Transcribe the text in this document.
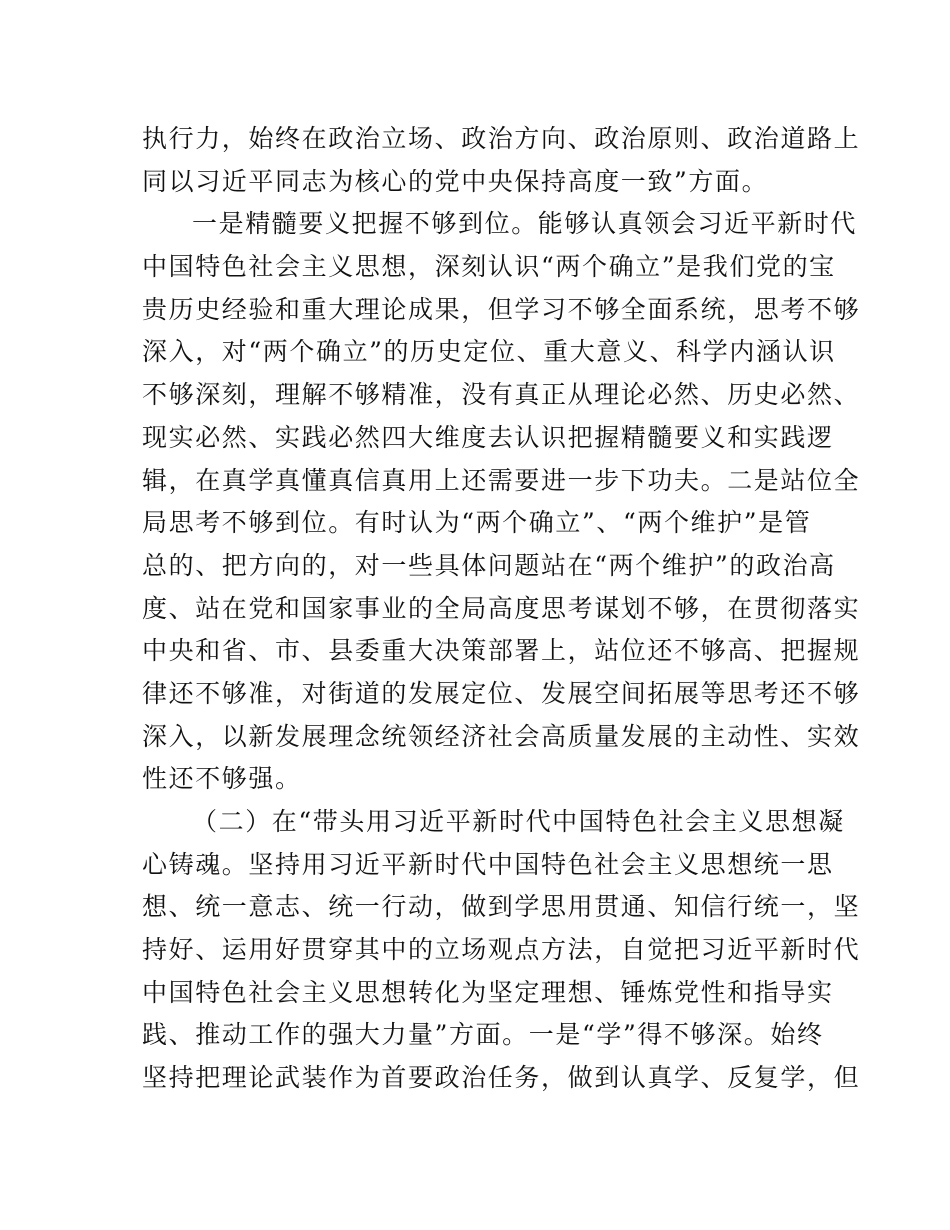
执行力，始终在政治立场、政治方向、政治原则、政治道路上
同以习近平同志为核心的党中央保持高度一致”方面。
一是精髓要义把握不够到位。能够认真领会习近平新时代
中国特色社会主义思想，深刻认识“两个确立”是我们党的宝
贵历史经验和重大理论成果，但学习不够全面系统，思考不够
深入，对“两个确立”的历史定位、重大意义、科学内涵认识
不够深刻，理解不够精准，没有真正从理论必然、历史必然、
现实必然、实践必然四大维度去认识把握精髓要义和实践逻
辑，在真学真懂真信真用上还需要进一步下功夫。二是站位全
局思考不够到位。有时认为“两个确立”、“两个维护”是管
总的、把方向的，对一些具体问题站在“两个维护”的政治高
度、站在党和国家事业的全局高度思考谋划不够，在贯彻落实
中央和省、市、县委重大决策部署上，站位还不够高、把握规
律还不够准，对街道的发展定位、发展空间拓展等思考还不够
深入，以新发展理念统领经济社会高质量发展的主动性、实效
性还不够强。
（二）在“带头用习近平新时代中国特色社会主义思想凝
心铸魂。坚持用习近平新时代中国特色社会主义思想统一思
想、统一意志、统一行动，做到学思用贯通、知信行统一，坚
持好、运用好贯穿其中的立场观点方法，自觉把习近平新时代
中国特色社会主义思想转化为坚定理想、锤炼党性和指导实
践、推动工作的强大力量”方面。一是“学”得不够深。始终
坚持把理论武装作为首要政治任务，做到认真学、反复学，但
